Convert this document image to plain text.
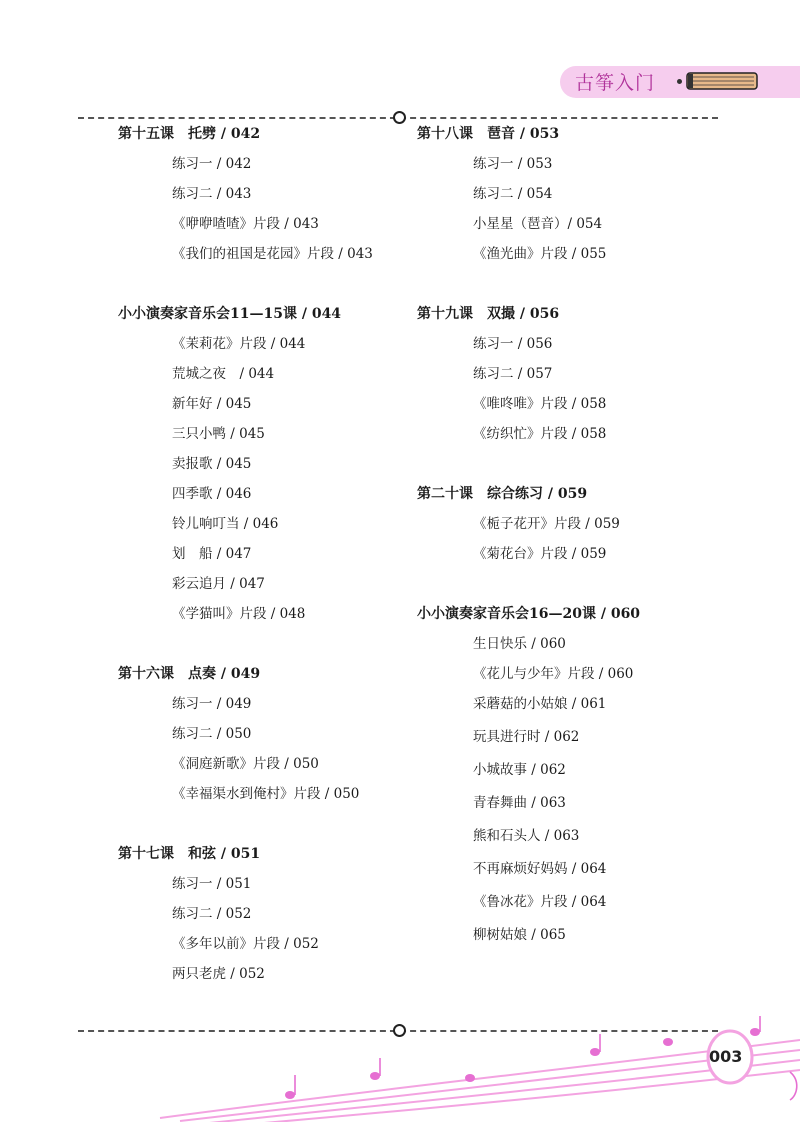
古筝入门
第十五课　托劈 / 042
练习一 / 042
练习二 / 043
《咿咿喳喳》片段 / 043
《我们的祖国是花园》片段 / 043
小小演奏家音乐会11—15课 / 044
《茉莉花》片段 / 044
荒城之夜　/ 044
新年好 / 045
三只小鸭 / 045
卖报歌 / 045
四季歌 / 046
铃儿响叮当 / 046
划　船 / 047
彩云追月 / 047
《学猫叫》片段 / 048
第十六课　点奏 / 049
练习一 / 049
练习二 / 050
《洞庭新歌》片段 / 050
《幸福渠水到俺村》片段 / 050
第十七课　和弦 / 051
练习一 / 051
练习二 / 052
《多年以前》片段 / 052
两只老虎 / 052
第十八课　琶音 / 053
练习一 / 053
练习二 / 054
小星星（琶音）/ 054
《渔光曲》片段 / 055
第十九课　双撮 / 056
练习一 / 056
练习二 / 057
《唯咚唯》片段 / 058
《纺织忙》片段 / 058
第二十课　综合练习 / 059
《栀子花开》片段 / 059
《菊花台》片段 / 059
小小演奏家音乐会16—20课 / 060
生日快乐 / 060
《花儿与少年》片段 / 060
采蘑菇的小姑娘 / 061
玩具进行时 / 062
小城故事 / 062
青春舞曲 / 063
熊和石头人 / 063
不再麻烦好妈妈 / 064
《鲁冰花》片段 / 064
柳树姑娘 / 065
003
